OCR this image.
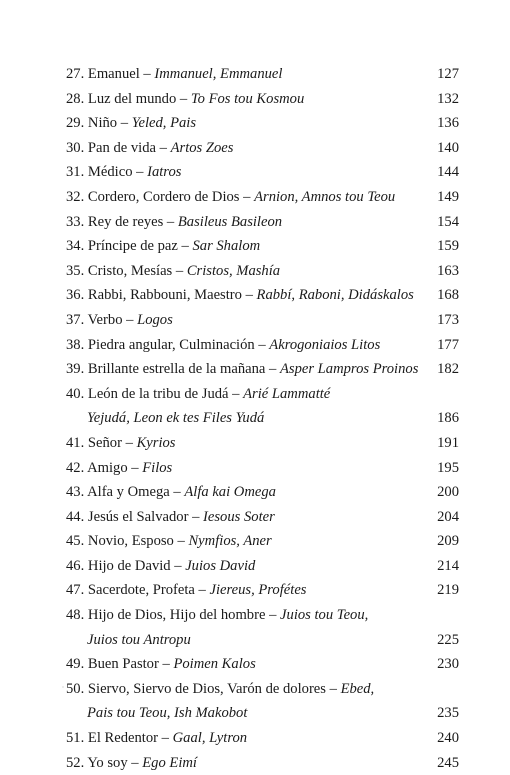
27. Emanuel – Immanuel, Emmanuel	127
28. Luz del mundo – To Fos tou Kosmou	132
29. Niño – Yeled, Pais	136
30. Pan de vida – Artos Zoes	140
31. Médico – Iatros	144
32. Cordero, Cordero de Dios – Arnion, Amnos tou Teou	149
33. Rey de reyes – Basileus Basileon	154
34. Príncipe de paz – Sar Shalom	159
35. Cristo, Mesías – Cristos, Mashía	163
36. Rabbi, Rabbouni, Maestro – Rabbí, Raboni, Didáskalos 168
37. Verbo – Logos	173
38. Piedra angular, Culminación – Akrogoniaios Litos	177
39. Brillante estrella de la mañana – Asper Lampros Proinos 182
40. León de la tribu de Judá – Arié Lammatté
Yejudá, Leon ek tes Files Yudá	186
41. Señor – Kyrios	191
42. Amigo – Filos	195
43. Alfa y Omega – Alfa kai Omega	200
44. Jesús el Salvador – Iesous Soter	204
45. Novio, Esposo – Nymfios, Aner	209
46. Hijo de David – Juios David	214
47. Sacerdote, Profeta – Jiereus, Profétes	219
48. Hijo de Dios, Hijo del hombre – Juios tou Teou,
Juios tou Antropu	225
49. Buen Pastor – Poimen Kalos	230
50. Siervo, Siervo de Dios, Varón de dolores – Ebed,
Pais tou Teou, Ish Makobot	235
51. El Redentor – Gaal, Lytron	240
52. Yo soy – Ego Eimí	245
